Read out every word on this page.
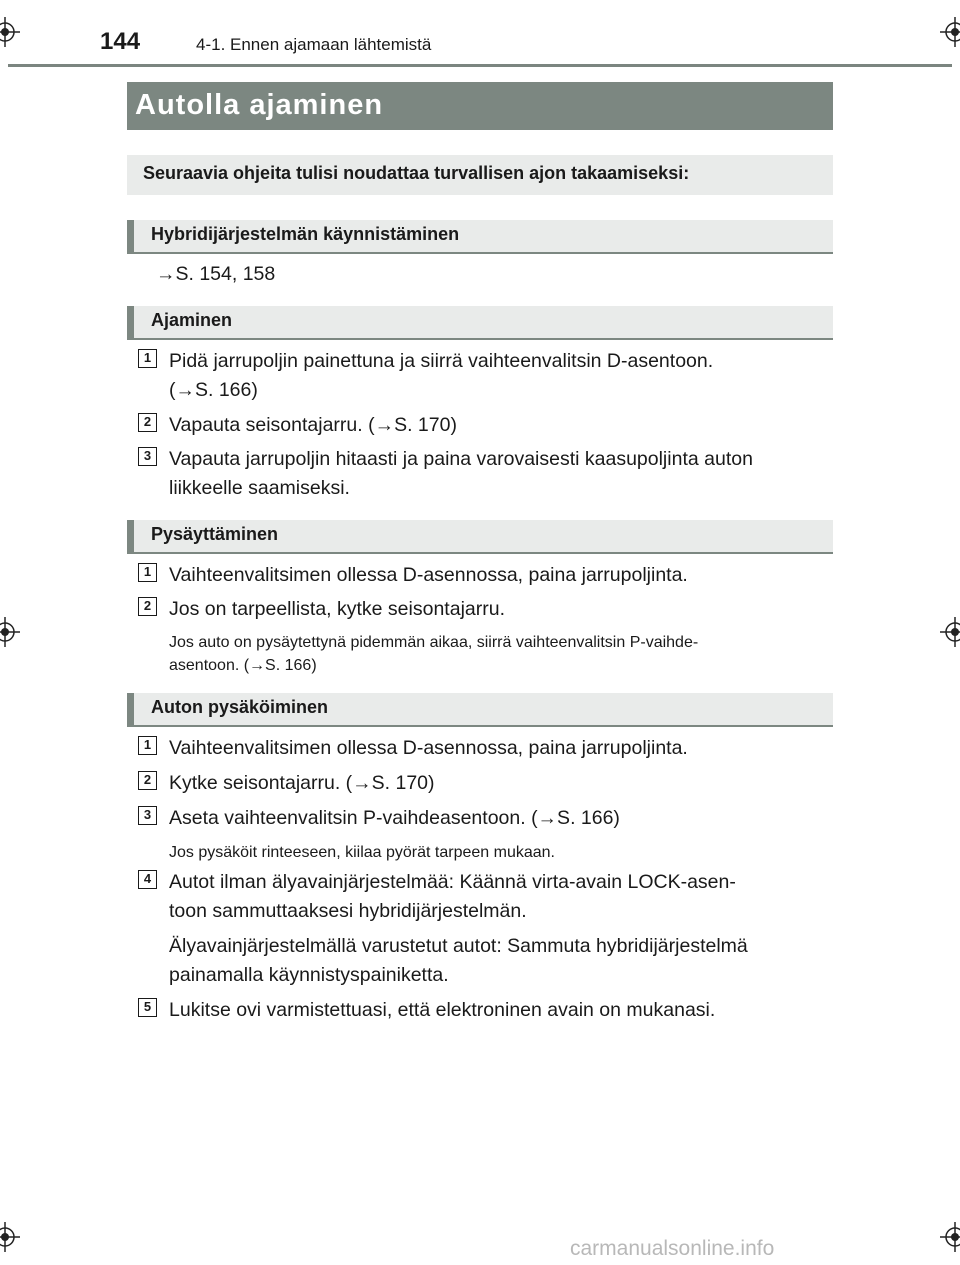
144	4-1. Ennen ajamaan lähtemistä
Autolla ajaminen
Seuraavia ohjeita tulisi noudattaa turvallisen ajon takaamiseksi:
Hybridijärjestelmän käynnistäminen
→S. 154, 158
Ajaminen
1 Pidä jarrupoljin painettuna ja siirrä vaihteenvalitsin D-asentoon.
(→S. 166)
2 Vapauta seisontajarru. (→S. 170)
3 Vapauta jarrupoljin hitaasti ja paina varovaisesti kaasupoljinta auton
liikkeelle saamiseksi.
Pysäyttäminen
1 Vaihteenvalitsimen ollessa D-asennossa, paina jarrupoljinta.
2 Jos on tarpeellista, kytke seisontajarru.
Jos auto on pysäytettynä pidemmän aikaa, siirrä vaihteenvalitsin P-vaihde-
asentoon. (→S. 166)
Auton pysäköiminen
1 Vaihteenvalitsimen ollessa D-asennossa, paina jarrupoljinta.
2 Kytke seisontajarru. (→S. 170)
3 Aseta vaihteenvalitsin P-vaihdeasentoon. (→S. 166)
Jos pysäköit rinteeseen, kiilaa pyörät tarpeen mukaan.
4 Autot ilman älyavainjärjestelmää: Käännä virta-avain LOCK-asen-
toon sammuttaaksesi hybridijärjestelmän.
Älyavainjärjestelmällä varustetut autot: Sammuta hybridijärjestelmä
painamalla käynnistyspainiketta.
5 Lukitse ovi varmistettuasi, että elektroninen avain on mukanasi.
carmanualsonline.info
